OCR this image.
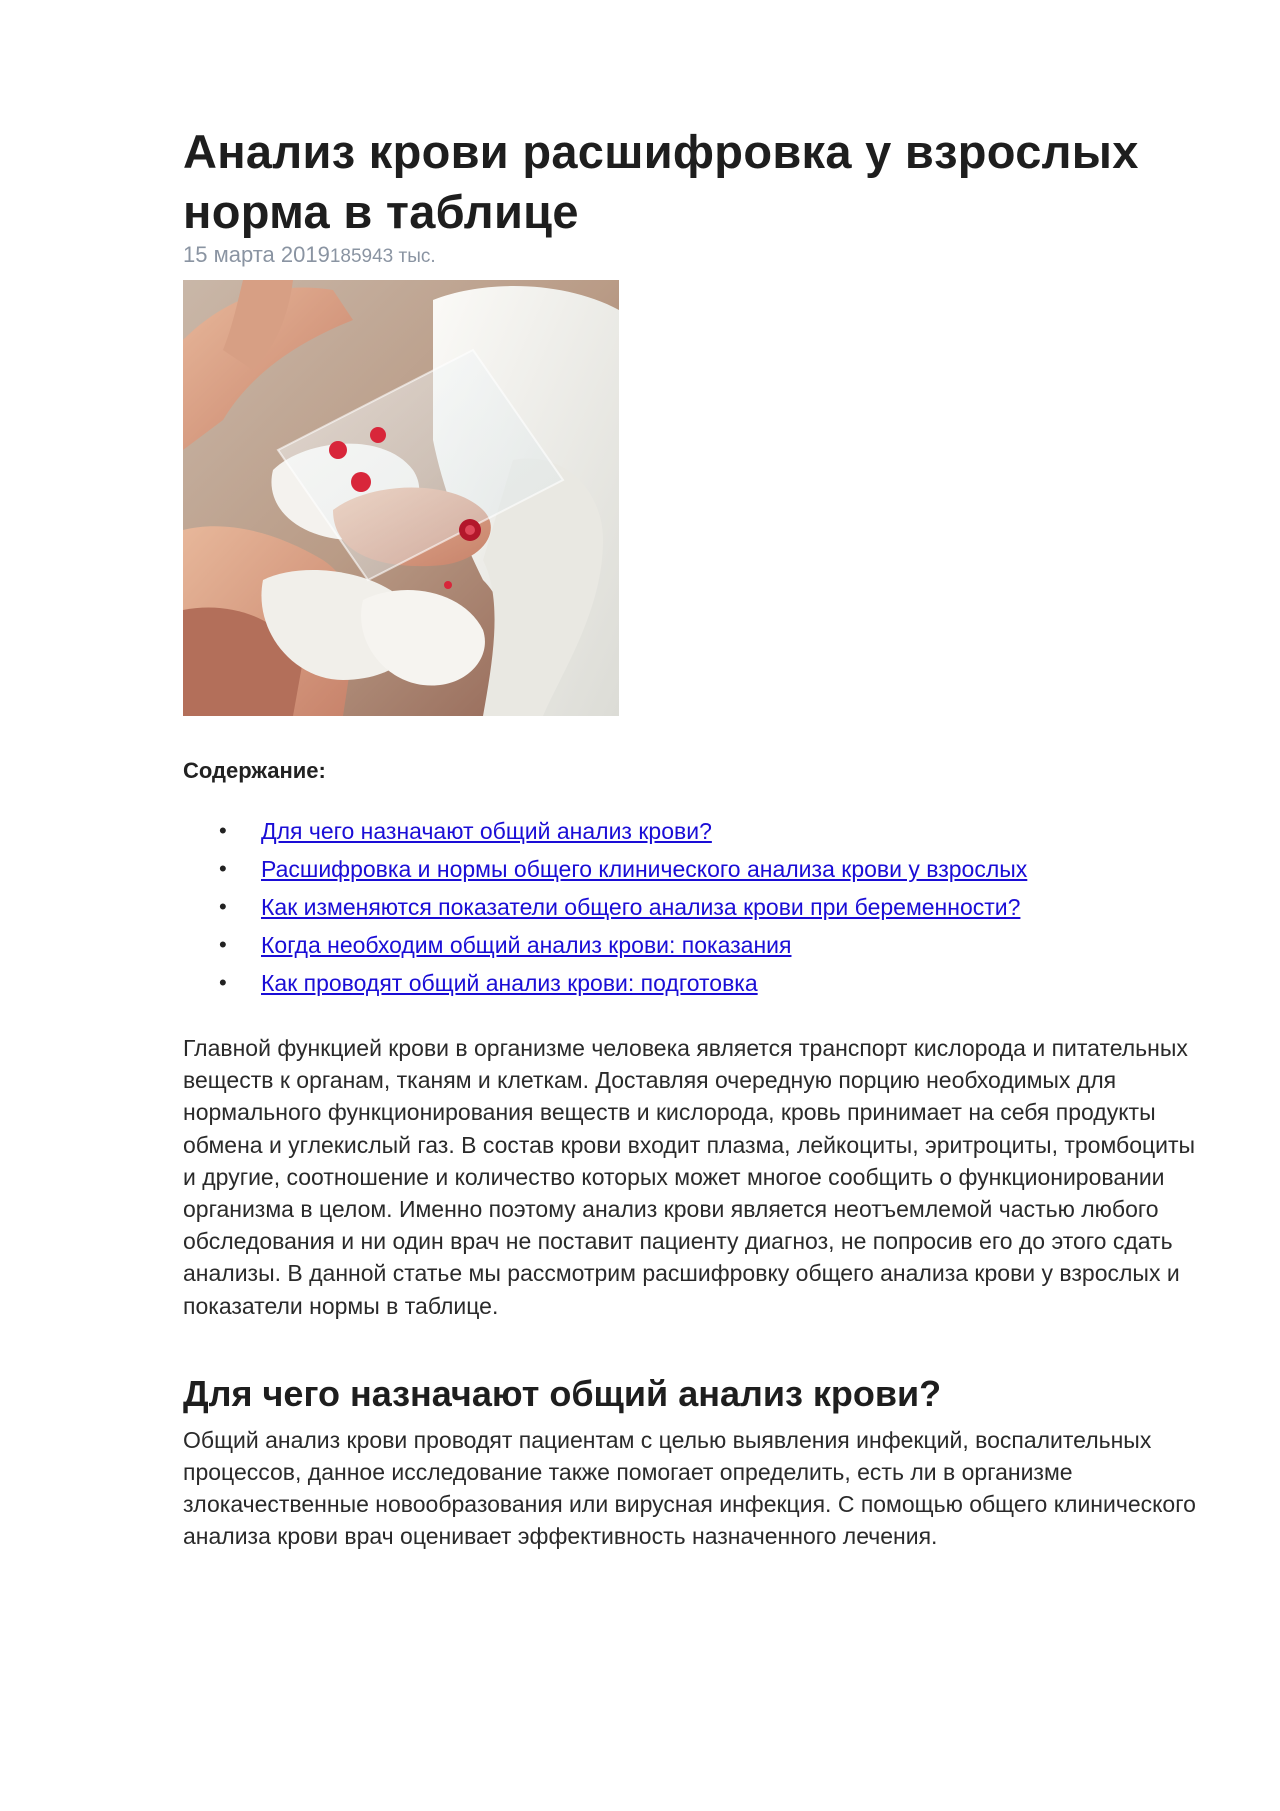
Анализ крови расшифровка у взрослых норма в таблице
15 марта 2019185943 тыс.
Содержание:
• Для чего назначают общий анализ крови?
• Расшифровка и нормы общего клинического анализа крови у взрослых
• Как изменяются показатели общего анализа крови при беременности?
• Когда необходим общий анализ крови: показания
• Как проводят общий анализ крови: подготовка

Главной функцией крови в организме человека является транспорт кислорода и питательных веществ к органам, тканям и клеткам. Доставляя очередную порцию необходимых для нормального функционирования веществ и кислорода, кровь принимает на себя продукты обмена и углекислый газ. В состав крови входит плазма, лейкоциты, эритроциты, тромбоциты и другие, соотношение и количество которых может многое сообщить о функционировании организма в целом. Именно поэтому анализ крови является неотъемлемой частью любого обследования и ни один врач не поставит пациенту диагноз, не попросив его до этого сдать анализы. В данной статье мы рассмотрим расшифровку общего анализа крови у взрослых и показатели нормы в таблице.

Для чего назначают общий анализ крови?

Общий анализ крови проводят пациентам с целью выявления инфекций, воспалительных процессов, данное исследование также помогает определить, есть ли в организме злокачественные новообразования или вирусная инфекция. С помощью общего клинического анализа крови врач оценивает эффективность назначенного лечения.
